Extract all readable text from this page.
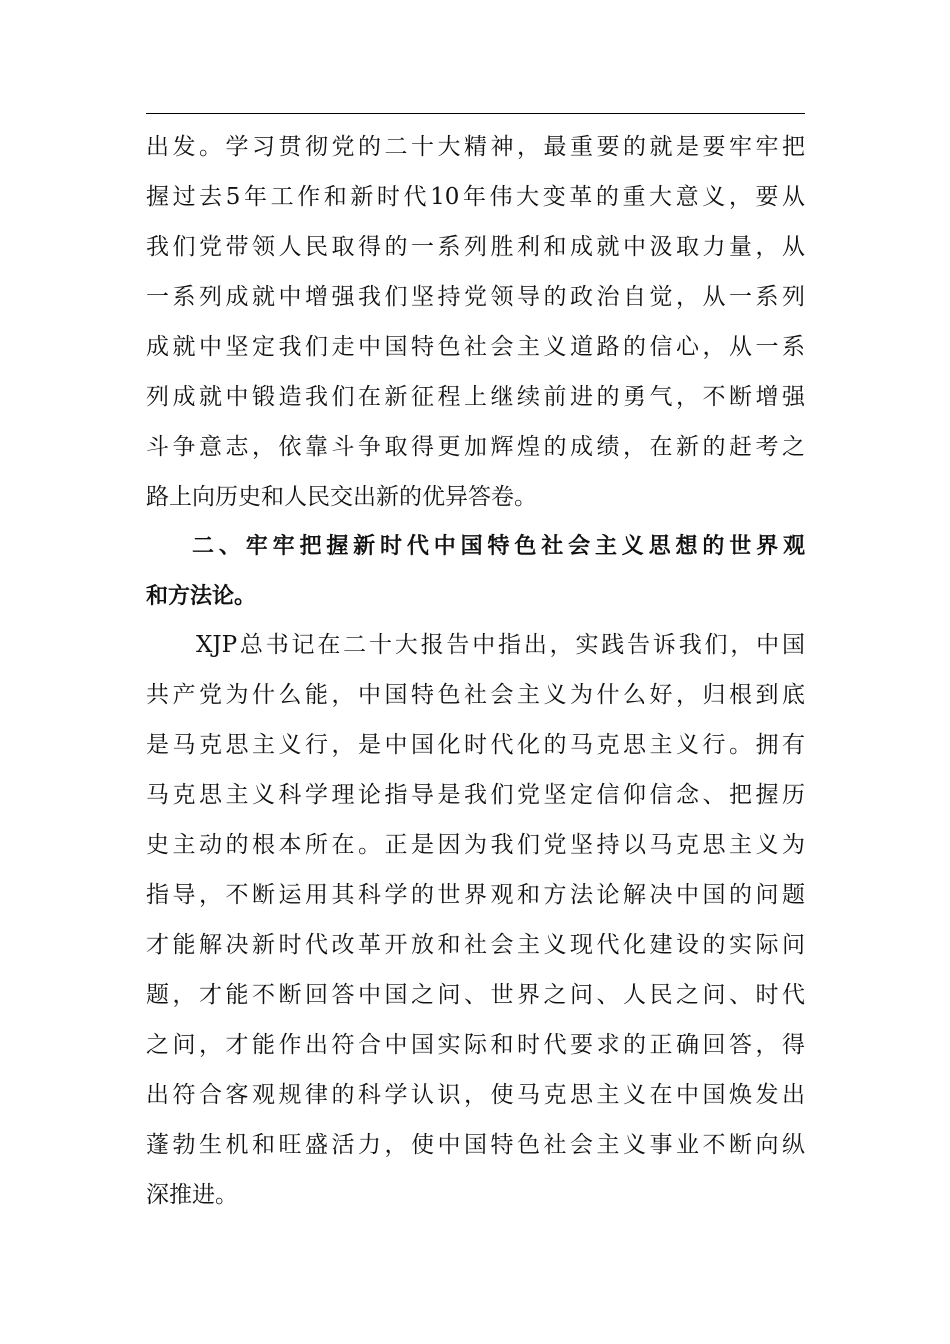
出发。学习贯彻党的二十大精神，最重要的就是要牢牢把
握过去5年工作和新时代10年伟大变革的重大意义，要从
我们党带领人民取得的一系列胜利和成就中汲取力量，从
一系列成就中增强我们坚持党领导的政治自觉，从一系列
成就中坚定我们走中国特色社会主义道路的信心，从一系
列成就中锻造我们在新征程上继续前进的勇气，不断增强
斗争意志，依靠斗争取得更加辉煌的成绩，在新的赶考之
路上向历史和人民交出新的优异答卷。
二、牢牢把握新时代中国特色社会主义思想的世界观
和方法论。
XJP总书记在二十大报告中指出，实践告诉我们，中国
共产党为什么能，中国特色社会主义为什么好，归根到底
是马克思主义行，是中国化时代化的马克思主义行。拥有
马克思主义科学理论指导是我们党坚定信仰信念、把握历
史主动的根本所在。正是因为我们党坚持以马克思主义为
指导，不断运用其科学的世界观和方法论解决中国的问题
才能解决新时代改革开放和社会主义现代化建设的实际问
题，才能不断回答中国之问、世界之问、人民之问、时代
之问，才能作出符合中国实际和时代要求的正确回答，得
出符合客观规律的科学认识，使马克思主义在中国焕发出
蓬勃生机和旺盛活力，使中国特色社会主义事业不断向纵
深推进。
